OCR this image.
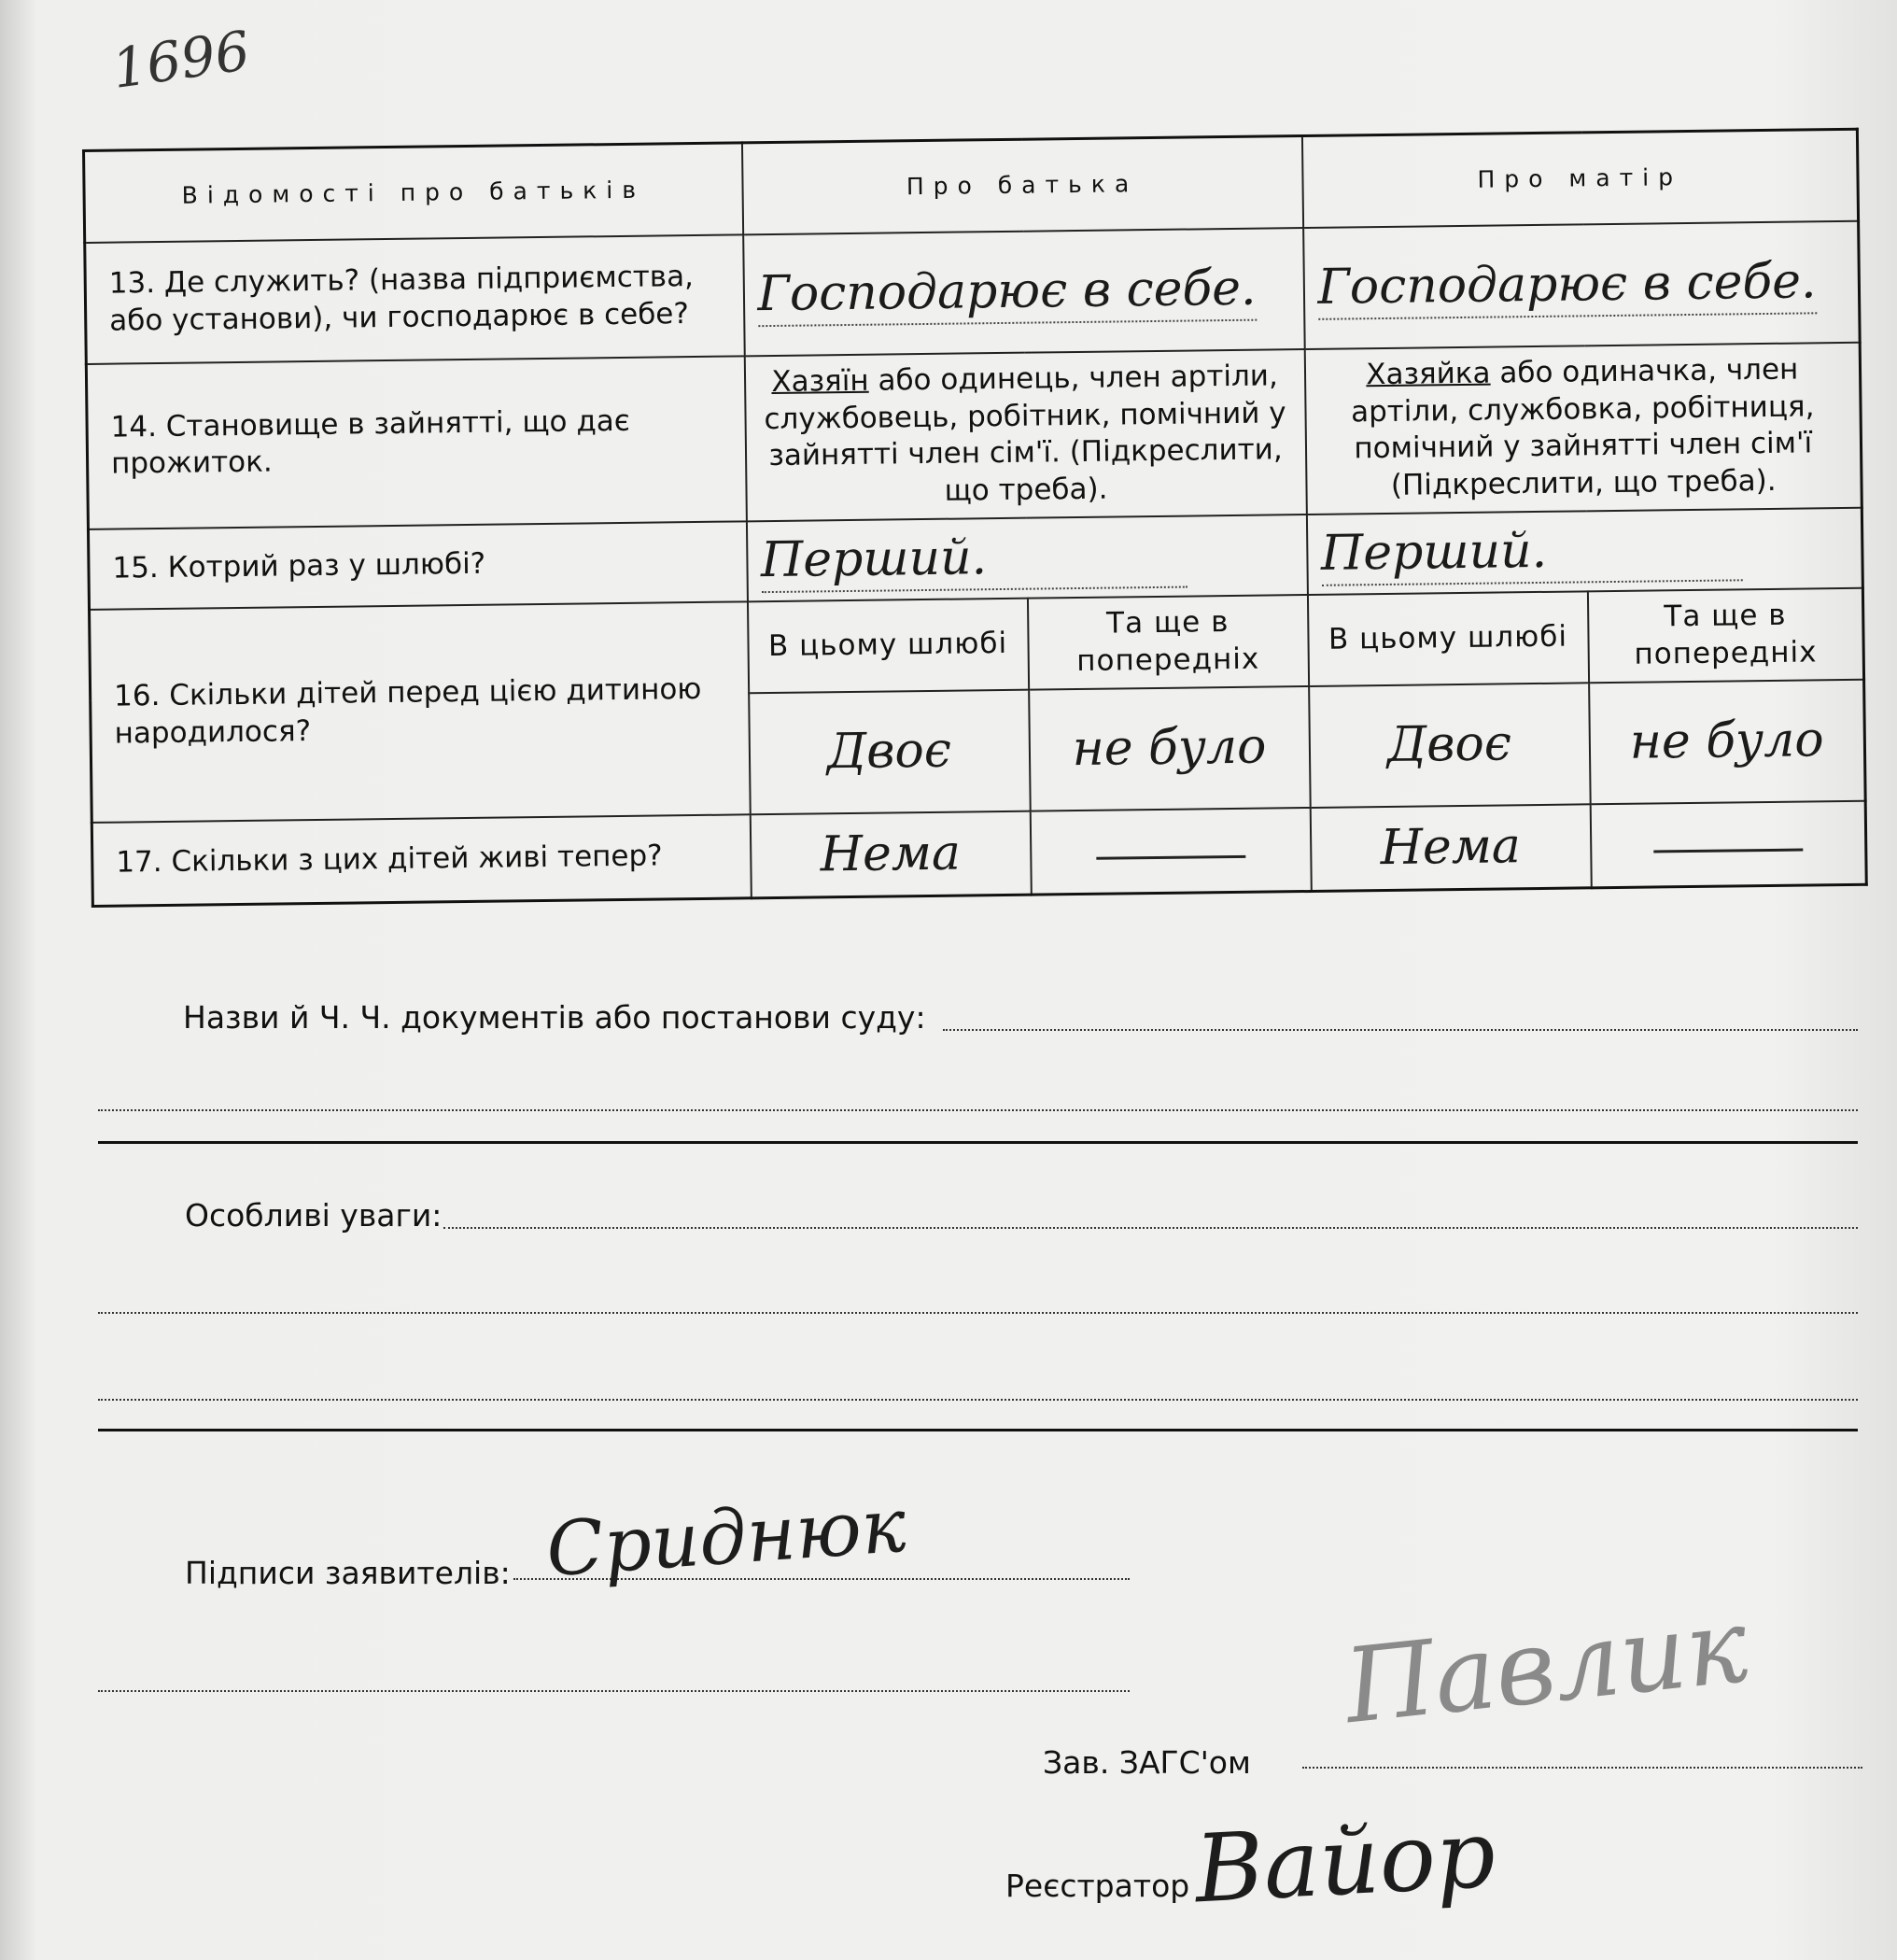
1696
Відомості про батьків	Про батька		Про матір	
13. Де служить? (назва підприємства, або установи), чи господарює в себе?	Господарює в себе.		Господарює в себе.	
14. Становище в зайнятті, що дає прожиток.	Хазяїн або одинець, член артіли, службовець, робітник, помічний у зайнятті член сім'ї. (Підкреслити, що треба).		Хазяйка або одиначка, член артіли, службовка, робітниця, помічний у зайнятті член сім'ї (Підкреслити, що треба).	
15. Котрий раз у шлюбі?	Перший.		Перший.	
16. Скільки дітей перед цією дитиною народилося?	В цьому шлюбі	Та ще в попередніх	В цьому шлюбі	Та ще в попередніх
	Двоє	не було	Двоє	не було
17. Скільки з цих дітей живі тепер?	Нема		Нема	
Назви й Ч. Ч. документів або постанови суду:
Особливі уваги:
Підписи заявителів: Сриднюк
Зав. ЗАГС'ом
Павлик
Реєстратор Вайор
